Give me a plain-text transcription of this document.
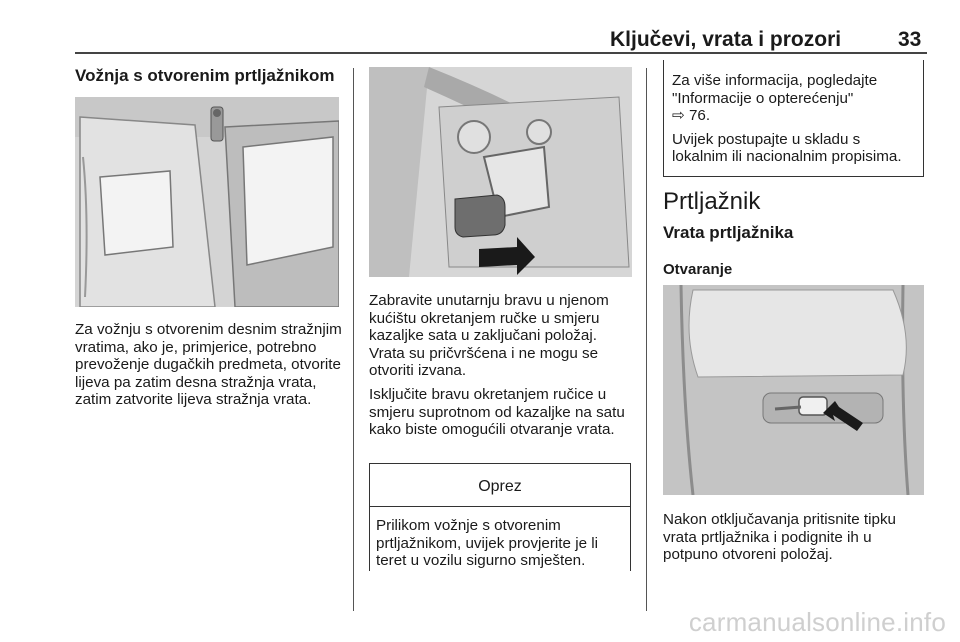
Ključevi, vrata i prozori	33
Vožnja s otvorenim prtljažnikom

Za vožnju s otvorenim desnim stražnjim vratima, ako je, primjerice, potrebno prevoženje dugačkih predmeta, otvorite lijeva pa zatim desna stražnja vrata, zatim zatvorite lijeva stražnja vrata.

Zabravite unutarnju bravu u njenom kućištu okretanjem ručke u smjeru kazaljke sata u zaključani položaj. Vrata su pričvršćena i ne mogu se otvoriti izvana.

Isključite bravu okretanjem ručice u smjeru suprotnom od kazaljke na satu kako biste omogućili otvaranje vrata.

Oprez

Prilikom vožnje s otvorenim prtljažnikom, uvijek provjerite je li teret u vozilu sigurno smješten.

Za više informacija, pogledajte "Informacije o opterećenju"
⇨ 76.
Uvijek postupajte u skladu s lokalnim ili nacionalnim propisima.
Prtljažnik
Vrata prtljažnika
Otvaranje

Nakon otključavanja pritisnite tipku vrata prtljažnika i podignite ih u potpuno otvoreni položaj.

carmanualsonline.info
